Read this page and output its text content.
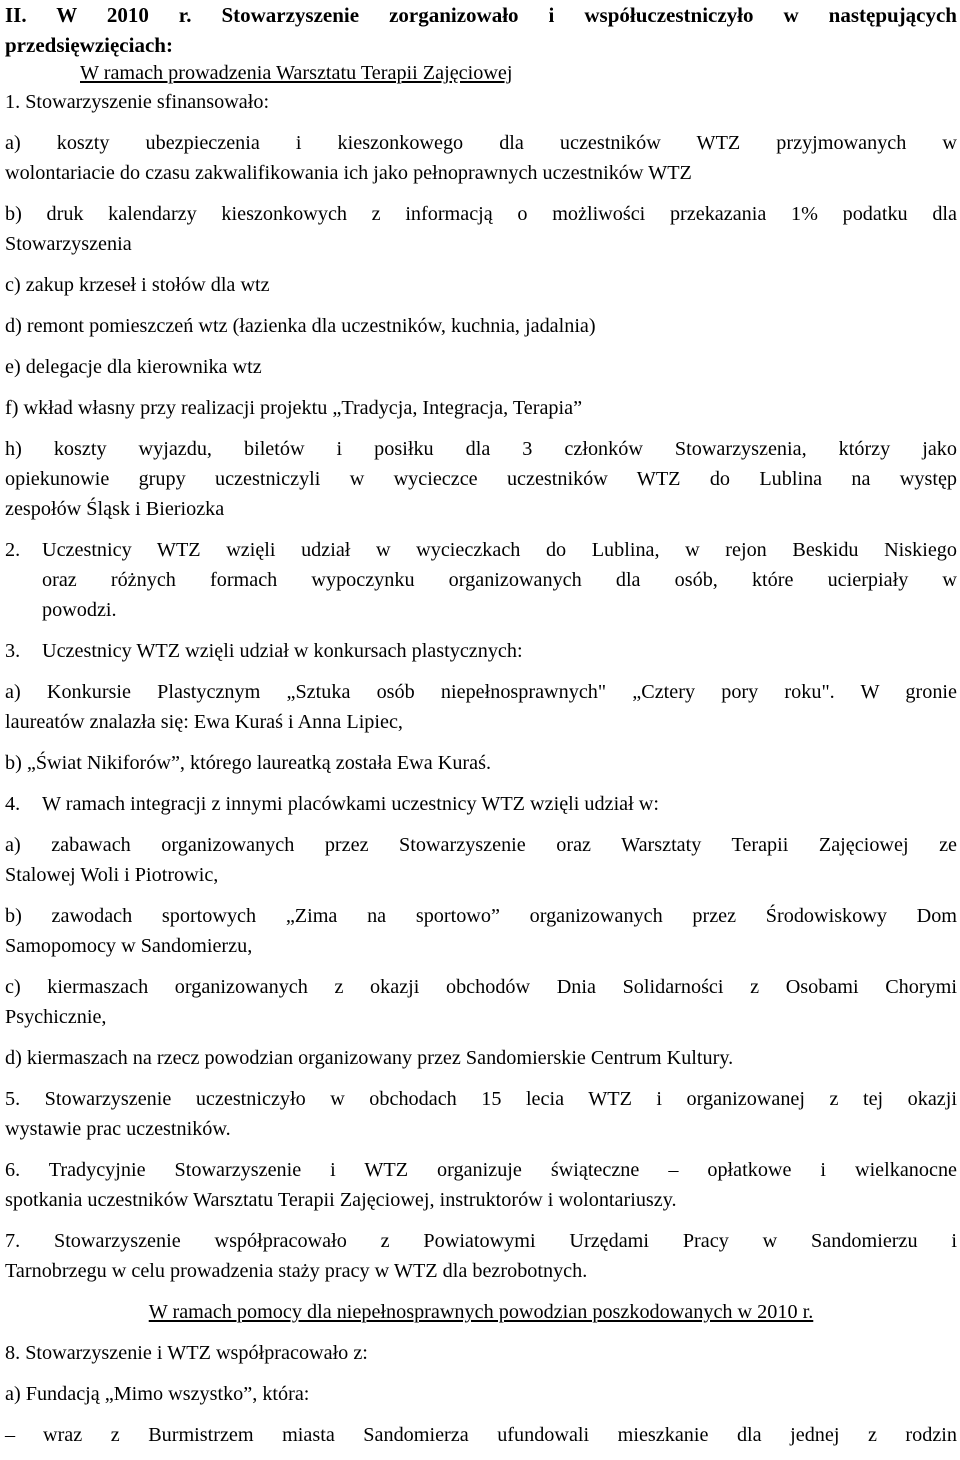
II. W 2010 r. Stowarzyszenie zorganizowało i współuczestniczyło w następujących
przedsięwzięciach:
W ramach prowadzenia Warsztatu Terapii Zajęciowej
1. Stowarzyszenie sfinansowało:
a) koszty ubezpieczenia i kieszonkowego dla uczestników WTZ przyjmowanych w
wolontariacie do czasu zakwalifikowania ich jako pełnoprawnych uczestników WTZ
b) druk kalendarzy kieszonkowych z informacją o możliwości przekazania 1% podatku dla
Stowarzyszenia
c) zakup krzeseł i stołów dla wtz
d) remont pomieszczeń wtz (łazienka dla uczestników, kuchnia, jadalnia)
e) delegacje dla kierownika wtz
f) wkład własny przy realizacji projektu „Tradycja, Integracja, Terapia”
h) koszty wyjazdu, biletów i posiłku dla 3 członków Stowarzyszenia, którzy jako
opiekunowie grupy uczestniczyli w wycieczce uczestników WTZ do Lublina na występ
zespołów Śląsk i Bieriozka
2. Uczestnicy WTZ wzięli udział w wycieczkach do Lublina, w rejon Beskidu Niskiego
oraz różnych formach wypoczynku organizowanych dla osób, które ucierpiały w
powodzi.
3. Uczestnicy WTZ wzięli udział w konkursach plastycznych:
a) Konkursie Plastycznym „Sztuka osób niepełnosprawnych" „Cztery pory roku". W gronie
laureatów znalazła się: Ewa Kuraś i Anna Lipiec,
b) „Świat Nikiforów”, którego laureatką została Ewa Kuraś.
4. W ramach integracji z innymi placówkami uczestnicy WTZ wzięli udział w:
a) zabawach organizowanych przez Stowarzyszenie oraz Warsztaty Terapii Zajęciowej ze
Stalowej Woli i Piotrowic,
b) zawodach sportowych „Zima na sportowo” organizowanych przez Środowiskowy Dom
Samopomocy w Sandomierzu,
c) kiermaszach organizowanych z okazji obchodów Dnia Solidarności z Osobami Chorymi
Psychicznie,
d) kiermaszach na rzecz powodzian organizowany przez Sandomierskie Centrum Kultury.
5. Stowarzyszenie uczestniczyło w obchodach 15 lecia WTZ i organizowanej z tej okazji
wystawie prac uczestników.
6. Tradycyjnie Stowarzyszenie i WTZ organizuje świąteczne – opłatkowe i wielkanocne
spotkania uczestników Warsztatu Terapii Zajęciowej, instruktorów i wolontariuszy.
7. Stowarzyszenie współpracowało z Powiatowymi Urzędami Pracy w Sandomierzu i
Tarnobrzegu w celu prowadzenia staży pracy w WTZ dla bezrobotnych.
W ramach pomocy dla niepełnosprawnych powodzian poszkodowanych w 2010 r.
8. Stowarzyszenie i WTZ współpracowało z:
a) Fundacją „Mimo wszystko”, która:
–	wraz z Burmistrzem miasta Sandomierza ufundowali mieszkanie dla jednej z rodzin
